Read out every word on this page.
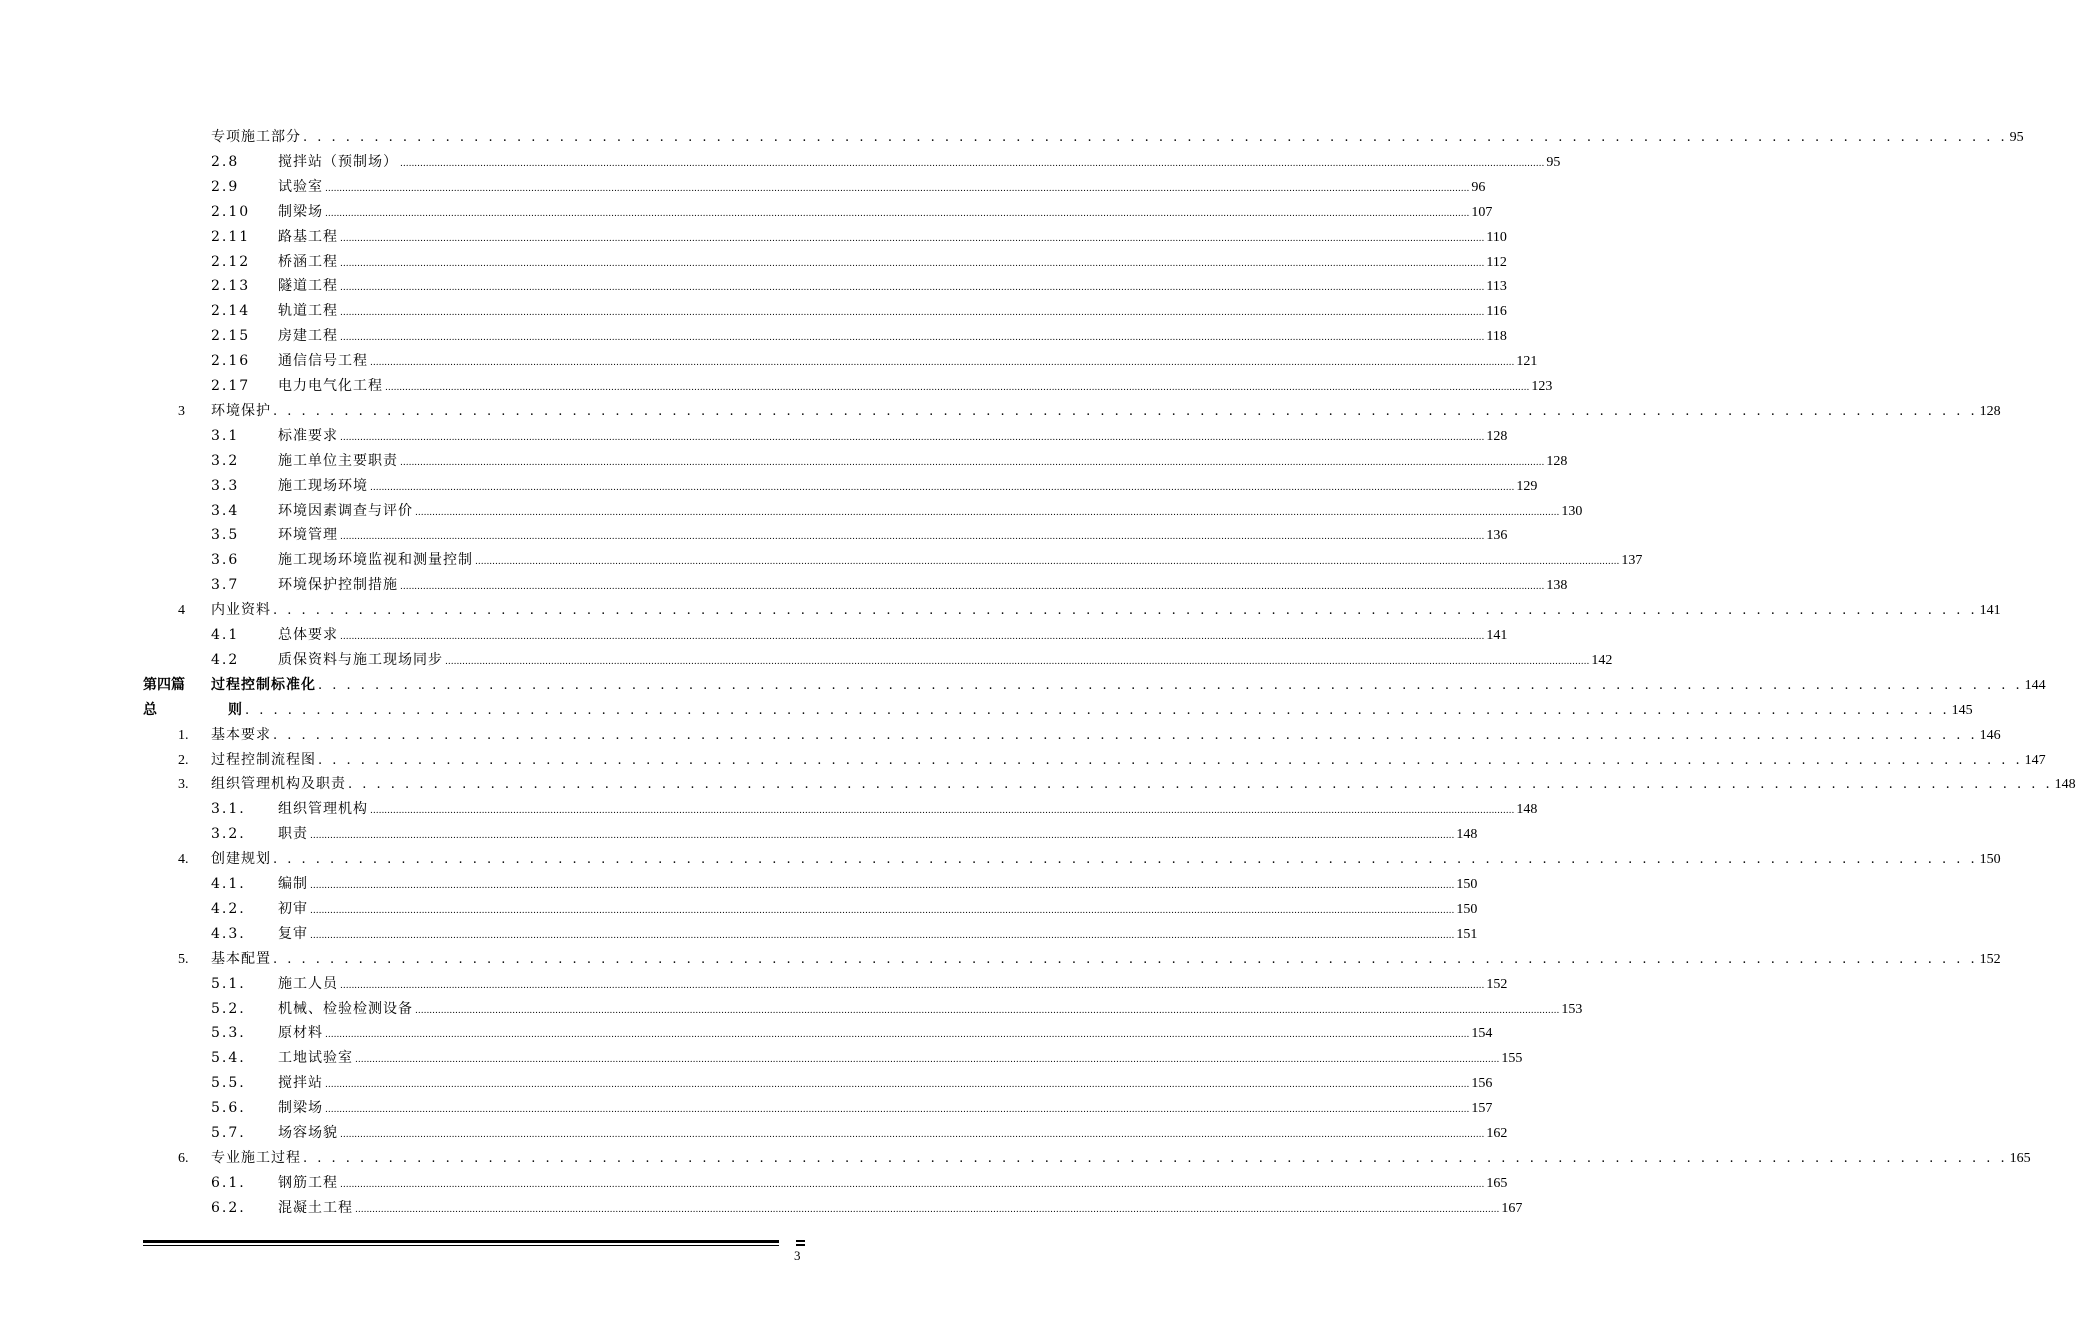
专项施工部分 . . . . . . . . . . . . . . . . . . . . . . . . . . . . . . . . . . . . . . . . . . . . . . . . . . . . . . . . . . . . . . . . . . . . . . . . . . . . . . . . . . . . . . . . . . . . . . . . . . . . . . . . . . . . . . . . . . . . . . . . 95
2.8	搅拌站（预制场） ................................................................................................................................................................................................................................................................................................................................................................................................................ 95
2.9	试验室 ................................................................................................................................................................................................................................................................................................................................................................................................................ 96
2.10 制梁场 ................................................................................................................................................................................................................................................................................................................................................................................................................ 107
2.11 路基工程 ................................................................................................................................................................................................................................................................................................................................................................................................................ 110
2.12 桥涵工程 ................................................................................................................................................................................................................................................................................................................................................................................................................ 112
2.13 隧道工程 ................................................................................................................................................................................................................................................................................................................................................................................................................ 113
2.14 轨道工程 ................................................................................................................................................................................................................................................................................................................................................................................................................ 116
2.15 房建工程 ................................................................................................................................................................................................................................................................................................................................................................................................................ 118
2.16 通信信号工程 ................................................................................................................................................................................................................................................................................................................................................................................................................ 121
2.17 电力电气化工程 ................................................................................................................................................................................................................................................................................................................................................................................................................ 123
3 环境保护 . . . . . . . . . . . . . . . . . . . . . . . . . . . . . . . . . . . . . . . . . . . . . . . . . . . . . . . . . . . . . . . . . . . . . . . . . . . . . . . . . . . . . . . . . . . . . . . . . . . . . . . . . . . . . . . . . . . . . . . . 128
3.1	标准要求 ................................................................................................................................................................................................................................................................................................................................................................................................................ 128
3.2	施工单位主要职责 ................................................................................................................................................................................................................................................................................................................................................................................................................ 128
3.3	施工现场环境 ................................................................................................................................................................................................................................................................................................................................................................................................................ 129
3.4	环境因素调查与评价 ................................................................................................................................................................................................................................................................................................................................................................................................................ 130
3.5	环境管理 ................................................................................................................................................................................................................................................................................................................................................................................................................ 136
3.6	施工现场环境监视和测量控制 ................................................................................................................................................................................................................................................................................................................................................................................................................ 137
3.7	环境保护控制措施 ................................................................................................................................................................................................................................................................................................................................................................................................................ 138
4 内业资料 . . . . . . . . . . . . . . . . . . . . . . . . . . . . . . . . . . . . . . . . . . . . . . . . . . . . . . . . . . . . . . . . . . . . . . . . . . . . . . . . . . . . . . . . . . . . . . . . . . . . . . . . . . . . . . . . . . . . . . . . 141
4.1	总体要求 ................................................................................................................................................................................................................................................................................................................................................................................................................ 141
4.2	质保资料与施工现场同步 ................................................................................................................................................................................................................................................................................................................................................................................................................ 142
第四篇 过程控制标准化 . . . . . . . . . . . . . . . . . . . . . . . . . . . . . . . . . . . . . . . . . . . . . . . . . . . . . . . . . . . . . . . . . . . . . . . . . . . . . . . . . . . . . . . . . . . . . . . . . . . . . . . . . . . . . . . . . . . . . . . . 144
总	则 . . . . . . . . . . . . . . . . . . . . . . . . . . . . . . . . . . . . . . . . . . . . . . . . . . . . . . . . . . . . . . . . . . . . . . . . . . . . . . . . . . . . . . . . . . . . . . . . . . . . . . . . . . . . . . . . . . . . . . . . 145
1. 基本要求 . . . . . . . . . . . . . . . . . . . . . . . . . . . . . . . . . . . . . . . . . . . . . . . . . . . . . . . . . . . . . . . . . . . . . . . . . . . . . . . . . . . . . . . . . . . . . . . . . . . . . . . . . . . . . . . . . . . . . . . . 146
2. 过程控制流程图 . . . . . . . . . . . . . . . . . . . . . . . . . . . . . . . . . . . . . . . . . . . . . . . . . . . . . . . . . . . . . . . . . . . . . . . . . . . . . . . . . . . . . . . . . . . . . . . . . . . . . . . . . . . . . . . . . . . . . . . . 147
3. 组织管理机构及职责 . . . . . . . . . . . . . . . . . . . . . . . . . . . . . . . . . . . . . . . . . . . . . . . . . . . . . . . . . . . . . . . . . . . . . . . . . . . . . . . . . . . . . . . . . . . . . . . . . . . . . . . . . . . . . . . . . . . . . . . . 148
3.1. 组织管理机构 ................................................................................................................................................................................................................................................................................................................................................................................................................ 148
3.2. 职责 ................................................................................................................................................................................................................................................................................................................................................................................................................ 148
4. 创建规划 . . . . . . . . . . . . . . . . . . . . . . . . . . . . . . . . . . . . . . . . . . . . . . . . . . . . . . . . . . . . . . . . . . . . . . . . . . . . . . . . . . . . . . . . . . . . . . . . . . . . . . . . . . . . . . . . . . . . . . . . 150
4.1. 编制 ................................................................................................................................................................................................................................................................................................................................................................................................................ 150
4.2. 初审 ................................................................................................................................................................................................................................................................................................................................................................................................................ 150
4.3. 复审 ................................................................................................................................................................................................................................................................................................................................................................................................................ 151
5. 基本配置 . . . . . . . . . . . . . . . . . . . . . . . . . . . . . . . . . . . . . . . . . . . . . . . . . . . . . . . . . . . . . . . . . . . . . . . . . . . . . . . . . . . . . . . . . . . . . . . . . . . . . . . . . . . . . . . . . . . . . . . . 152
5.1. 施工人员 ................................................................................................................................................................................................................................................................................................................................................................................................................ 152
5.2. 机械、检验检测设备 ................................................................................................................................................................................................................................................................................................................................................................................................................ 153
5.3. 原材料 ................................................................................................................................................................................................................................................................................................................................................................................................................ 154
5.4. 工地试验室 ................................................................................................................................................................................................................................................................................................................................................................................................................ 155
5.5. 搅拌站 ................................................................................................................................................................................................................................................................................................................................................................................................................ 156
5.6. 制梁场 ................................................................................................................................................................................................................................................................................................................................................................................................................ 157
5.7. 场容场貌 ................................................................................................................................................................................................................................................................................................................................................................................................................ 162
6. 专业施工过程 . . . . . . . . . . . . . . . . . . . . . . . . . . . . . . . . . . . . . . . . . . . . . . . . . . . . . . . . . . . . . . . . . . . . . . . . . . . . . . . . . . . . . . . . . . . . . . . . . . . . . . . . . . . . . . . . . . . . . . . . 165
6.1. 钢筋工程 ................................................................................................................................................................................................................................................................................................................................................................................................................ 165
6.2. 混凝土工程 ................................................................................................................................................................................................................................................................................................................................................................................................................ 167
3
